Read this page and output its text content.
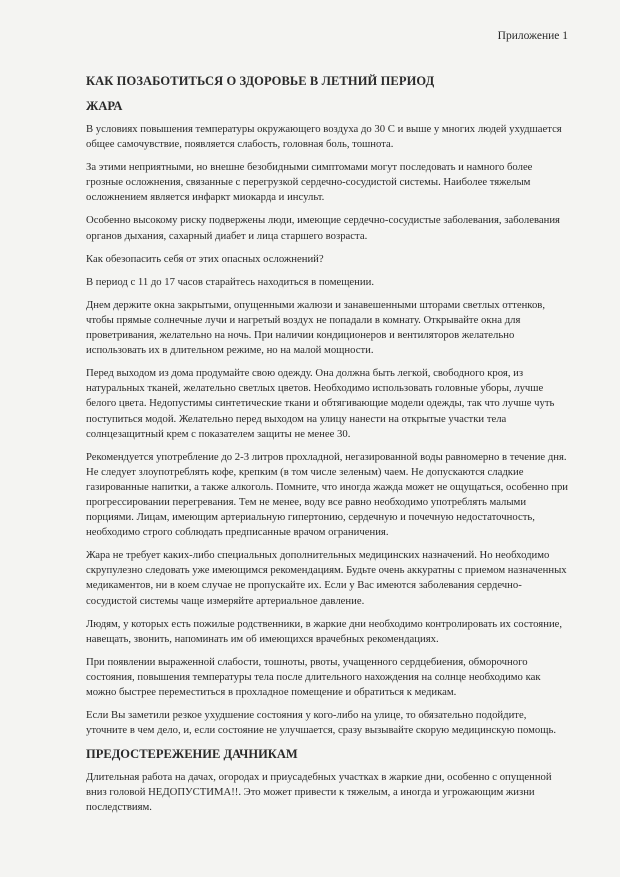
Приложение 1
КАК ПОЗАБОТИТЬСЯ О ЗДОРОВЬЕ В ЛЕТНИЙ ПЕРИОД
ЖАРА

В условиях повышения температуры окружающего воздуха до 30 С и выше у многих людей ухудшается общее самочувствие, появляется слабость, головная боль, тошнота.

За этими неприятными, но внешне безобидными симптомами могут последовать и намного более грозные осложнения, связанные с перегрузкой сердечно-сосудистой системы. Наиболее тяжелым осложнением является инфаркт миокарда и инсульт.

Особенно высокому риску подвержены люди, имеющие сердечно-сосудистые заболевания, заболевания органов дыхания, сахарный диабет и лица старшего возраста.

Как обезопасить себя от этих опасных осложнений?

В период с 11 до 17 часов старайтесь находиться в помещении.

Днем держите окна закрытыми, опущенными жалюзи и занавешенными шторами светлых оттенков, чтобы прямые солнечные лучи и нагретый воздух не попадали в комнату. Открывайте окна для проветривания, желательно на ночь. При наличии кондиционеров и вентиляторов желательно использовать их в длительном режиме, но на малой мощности.

Перед выходом из дома продумайте свою одежду. Она должна быть легкой, свободного кроя, из натуральных тканей, желательно светлых цветов. Необходимо использовать головные уборы, лучше белого цвета. Недопустимы синтетические ткани и обтягивающие модели одежды, так что лучше чуть поступиться модой. Желательно перед выходом на улицу нанести на открытые участки тела солнцезащитный крем с показателем защиты не менее 30.

Рекомендуется употребление до 2-3 литров прохладной, негазированной воды равномерно в течение дня. Не следует злоупотреблять кофе, крепким (в том числе зеленым) чаем. Не допускаются сладкие газированные напитки, а также алкоголь. Помните, что иногда жажда может не ощущаться, особенно при прогрессировании перегревания. Тем не менее, воду все равно необходимо употреблять малыми порциями. Лицам, имеющим артериальную гипертонию, сердечную и почечную недостаточность, необходимо строго соблюдать предписанные врачом ограничения.

Жара не требует каких-либо специальных дополнительных медицинских назначений. Но необходимо скрупулезно следовать уже имеющимся рекомендациям. Будьте очень аккуратны с приемом назначенных медикаментов, ни в коем случае не пропускайте их. Если у Вас имеются заболевания сердечно-сосудистой системы чаще измеряйте артериальное давление.

Людям, у которых есть пожилые родственники, в жаркие дни необходимо контролировать их состояние, навещать, звонить, напоминать им об имеющихся врачебных рекомендациях.

При появлении выраженной слабости, тошноты, рвоты, учащенного сердцебиения, обморочного состояния, повышения температуры тела после длительного нахождения на солнце необходимо как можно быстрее переместиться в прохладное помещение и обратиться к медикам.

Если Вы заметили резкое ухудшение состояния у кого-либо на улице, то обязательно подойдите, уточните в чем дело, и, если состояние не улучшается, сразу вызывайте скорую медицинскую помощь.

ПРЕДОСТЕРЕЖЕНИЕ ДАЧНИКАМ

Длительная работа на дачах, огородах и приусадебных участках в жаркие дни, особенно с опущенной вниз головой НЕДОПУСТИМА!!. Это может привести к тяжелым, а иногда и угрожающим жизни последствиям.
